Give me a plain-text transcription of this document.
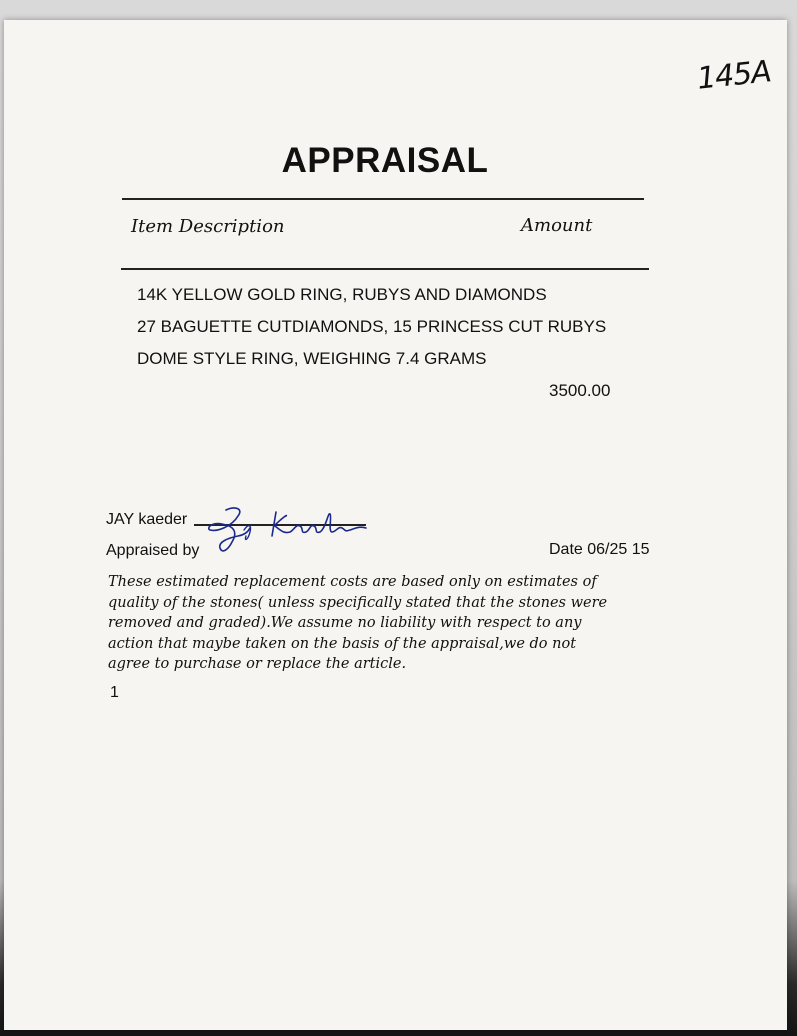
145A
APPRAISAL
Item Description	Amount
14K YELLOW GOLD RING, RUBYS AND DIAMONDS
27 BAGUETTE CUTDIAMONDS, 15 PRINCESS CUT RUBYS
DOME STYLE RING, WEIGHING 7.4 GRAMS
3500.00
JAY kaeder
Appraised by	Date 06/25 15
These estimated replacement costs are based only on estimates of
quality of the stones( unless specifically stated that the stones were
removed and graded).We assume no liability with respect to any
action that maybe taken on the basis of the appraisal,we do not
agree to purchase or replace the article.
1
